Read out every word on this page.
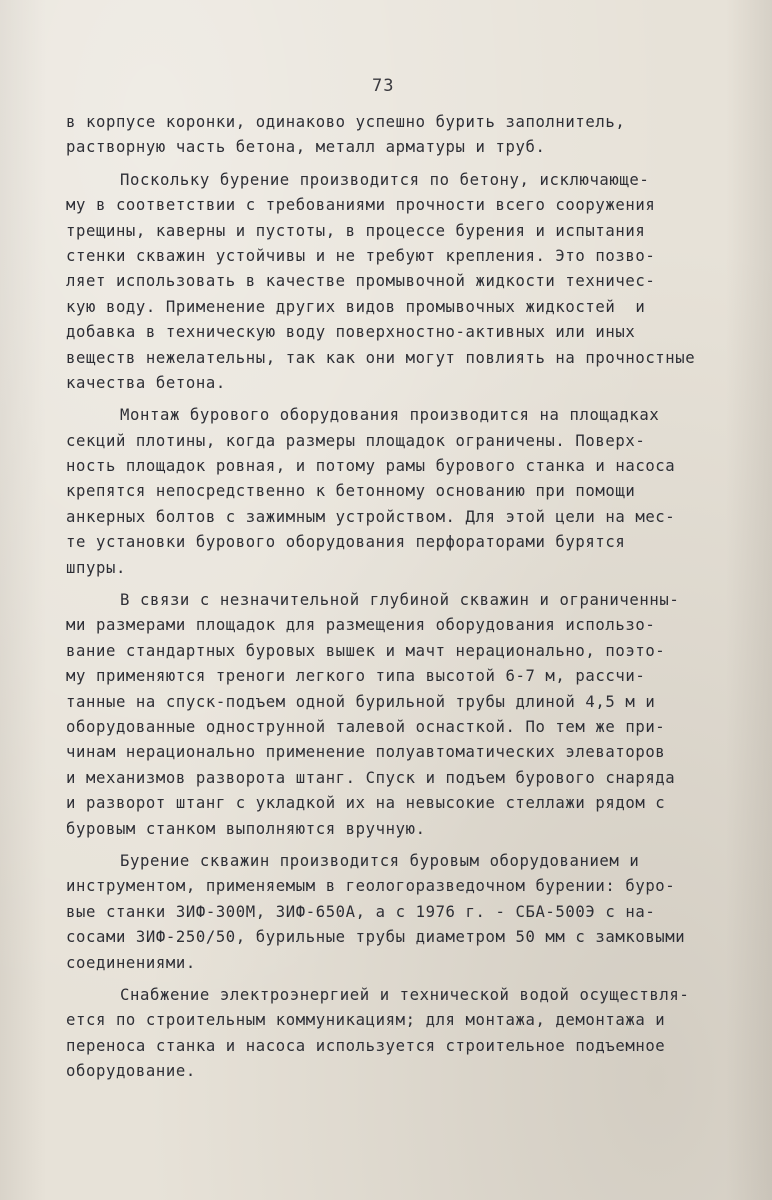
73
в корпусе коронки, одинаково успешно бурить заполнитель,
растворную часть бетона, металл арматуры и труб.
Поскольку бурение производится по бетону, исключающе-
му в соответствии с требованиями прочности всего сооружения
трещины, каверны и пустоты, в процессе бурения и испытания
стенки скважин устойчивы и не требуют крепления. Это позво-
ляет использовать в качестве промывочной жидкости техничес-
кую воду. Применение других видов промывочных жидкостей  и
добавка в техническую воду поверхностно-активных или иных
веществ нежелательны, так как они могут повлиять на прочностные
качества бетона.
Монтаж бурового оборудования производится на площадках
секций плотины, когда размеры площадок ограничены. Поверх-
ность площадок ровная, и потому рамы бурового станка и насоса
крепятся непосредственно к бетонному основанию при помощи
анкерных болтов с зажимным устройством. Для этой цели на мес-
те установки бурового оборудования перфораторами бурятся
шпуры.
В связи с незначительной глубиной скважин и ограниченны-
ми размерами площадок для размещения оборудования использо-
вание стандартных буровых вышек и мачт нерационально, поэто-
му применяются треноги легкого типа высотой 6-7 м, рассчи-
танные на спуск-подъем одной бурильной трубы длиной 4,5 м и
оборудованные однострунной талевой оснасткой. По тем же при-
чинам нерационально применение полуавтоматических элеваторов
и механизмов разворота штанг. Спуск и подъем бурового снаряда
и разворот штанг с укладкой их на невысокие стеллажи рядом с
буровым станком выполняются вручную.
Бурение скважин производится буровым оборудованием и
инструментом, применяемым в геологоразведочном бурении: буро-
вые станки ЗИФ-300М, ЗИФ-650А, а с 1976 г. - СБА-500Э с на-
сосами ЗИФ-250/50, бурильные трубы диаметром 50 мм с замковыми
соединениями.
Снабжение электроэнергией и технической водой осуществля-
ется по строительным коммуникациям; для монтажа, демонтажа и
переноса станка и насоса используется строительное подъемное
оборудование.
